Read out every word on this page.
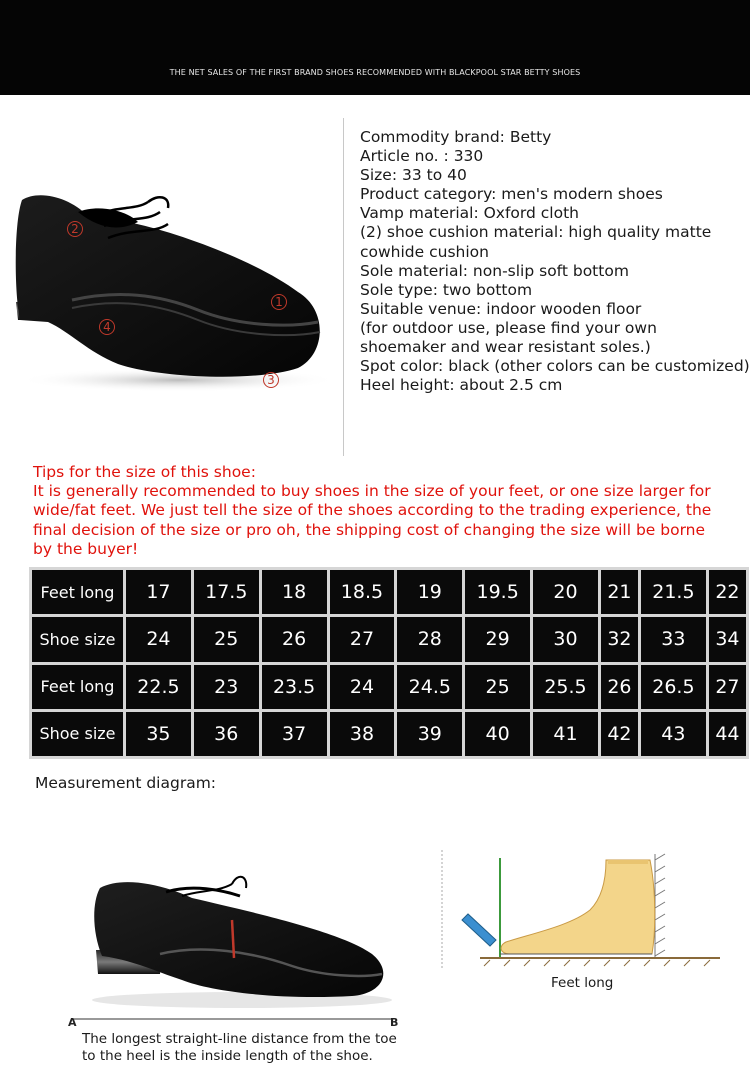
THE NET SALES OF THE FIRST BRAND SHOES RECOMMENDED WITH BLACKPOOL STAR BETTY SHOES
2
1
4
3
Commodity brand: Betty
Article no. : 330
Size: 33 to 40
Product category: men's modern shoes
Vamp material: Oxford cloth
(2) shoe cushion material: high quality matte
cowhide cushion
Sole material: non-slip soft bottom
Sole type: two bottom
Suitable venue: indoor wooden floor
(for outdoor use, please find your own
shoemaker and wear resistant soles.)
Spot color: black (other colors can be customized)
Heel height: about 2.5 cm
Tips for the size of this shoe:
It is generally recommended to buy shoes in the size of your feet, or one size larger for
wide/fat feet. We just tell the size of the shoes according to the trading experience, the
final decision of the size or pro oh, the shipping cost of changing the size will be borne
by the buyer!
Feet long	17	17.5	18	18.5	19	19.5	20	21	21.5	22
Shoe size	24	25	26	27	28	29	30	32	33	34
Feet long	22.5	23	23.5	24	24.5	25	25.5	26	26.5	27
Shoe size	35	36	37	38	39	40	41	42	43	44
Measurement diagram:
A	B
The longest straight-line distance from the toe
to the heel is the inside length of the shoe.
Feet long
